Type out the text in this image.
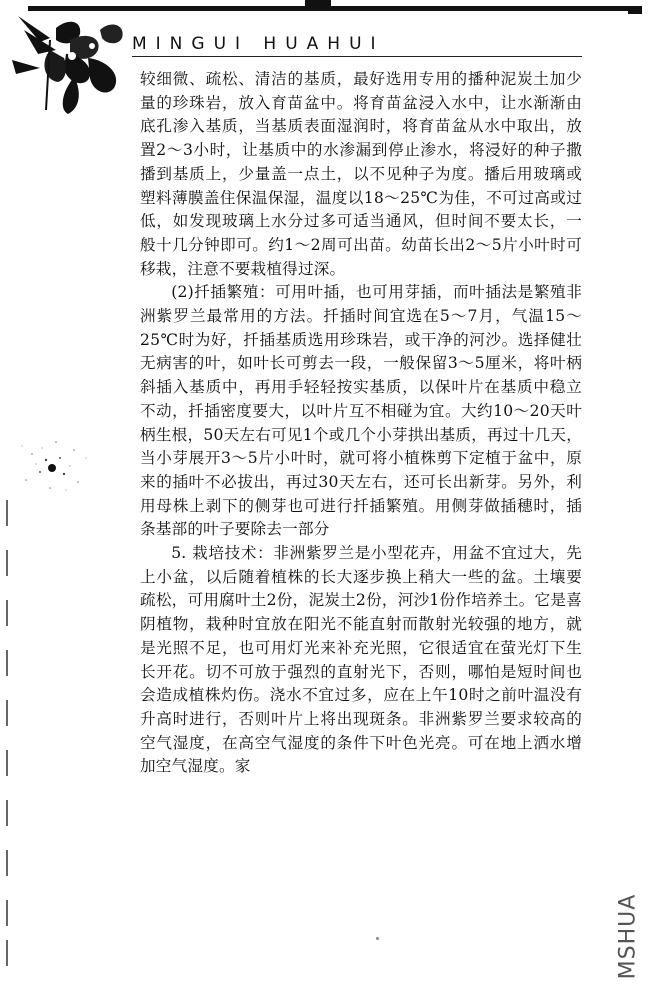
MINGUI HUAHUI

较细微、疏松、清洁的基质，最好选用专用的播种泥炭土加少量的珍珠岩，放入育苗盆中。将育苗盆浸入水中，让水渐渐由底孔渗入基质，当基质表面湿润时，将育苗盆从水中取出，放置2～3小时，让基质中的水渗漏到停止渗水，将浸好的种子撒播到基质上，少量盖一点土，以不见种子为度。播后用玻璃或塑料薄膜盖住保温保湿，温度以18～25℃为佳，不可过高或过低，如发现玻璃上水分过多可适当通风，但时间不要太长，一般十几分钟即可。约1～2周可出苗。幼苗长出2～5片小叶时可移栽，注意不要栽植得过深。

(2)扦插繁殖：可用叶插，也可用芽插，而叶插法是繁殖非洲紫罗兰最常用的方法。扦插时间宜选在5～7月，气温15～25℃时为好，扦插基质选用珍珠岩，或干净的河沙。选择健壮无病害的叶，如叶长可剪去一段，一般保留3～5厘米，将叶柄斜插入基质中，再用手轻轻按实基质，以保叶片在基质中稳立不动，扦插密度要大，以叶片互不相碰为宜。大约10～20天叶柄生根，50天左右可见1个或几个小芽拱出基质，再过十几天，当小芽展开3～5片小叶时，就可将小植株剪下定植于盆中，原来的插叶不必拔出，再过30天左右，还可长出新芽。另外，利用母株上剥下的侧芽也可进行扦插繁殖。用侧芽做插穗时，插条基部的叶子要除去一部分

5. 栽培技术：非洲紫罗兰是小型花卉，用盆不宜过大，先上小盆，以后随着植株的长大逐步换上稍大一些的盆。土壤要疏松，可用腐叶土2份，泥炭土2份，河沙1份作培养土。它是喜阴植物，栽种时宜放在阳光不能直射而散射光较强的地方，就是光照不足，也可用灯光来补充光照，它很适宜在萤光灯下生长开花。切不可放于强烈的直射光下，否则，哪怕是短时间也会造成植株灼伤。浇水不宜过多，应在上午10时之前叶温没有升高时进行，否则叶片上将出现斑条。非洲紫罗兰要求较高的空气湿度，在高空气湿度的条件下叶色光亮。可在地上洒水增加空气湿度。家

MSHUA
